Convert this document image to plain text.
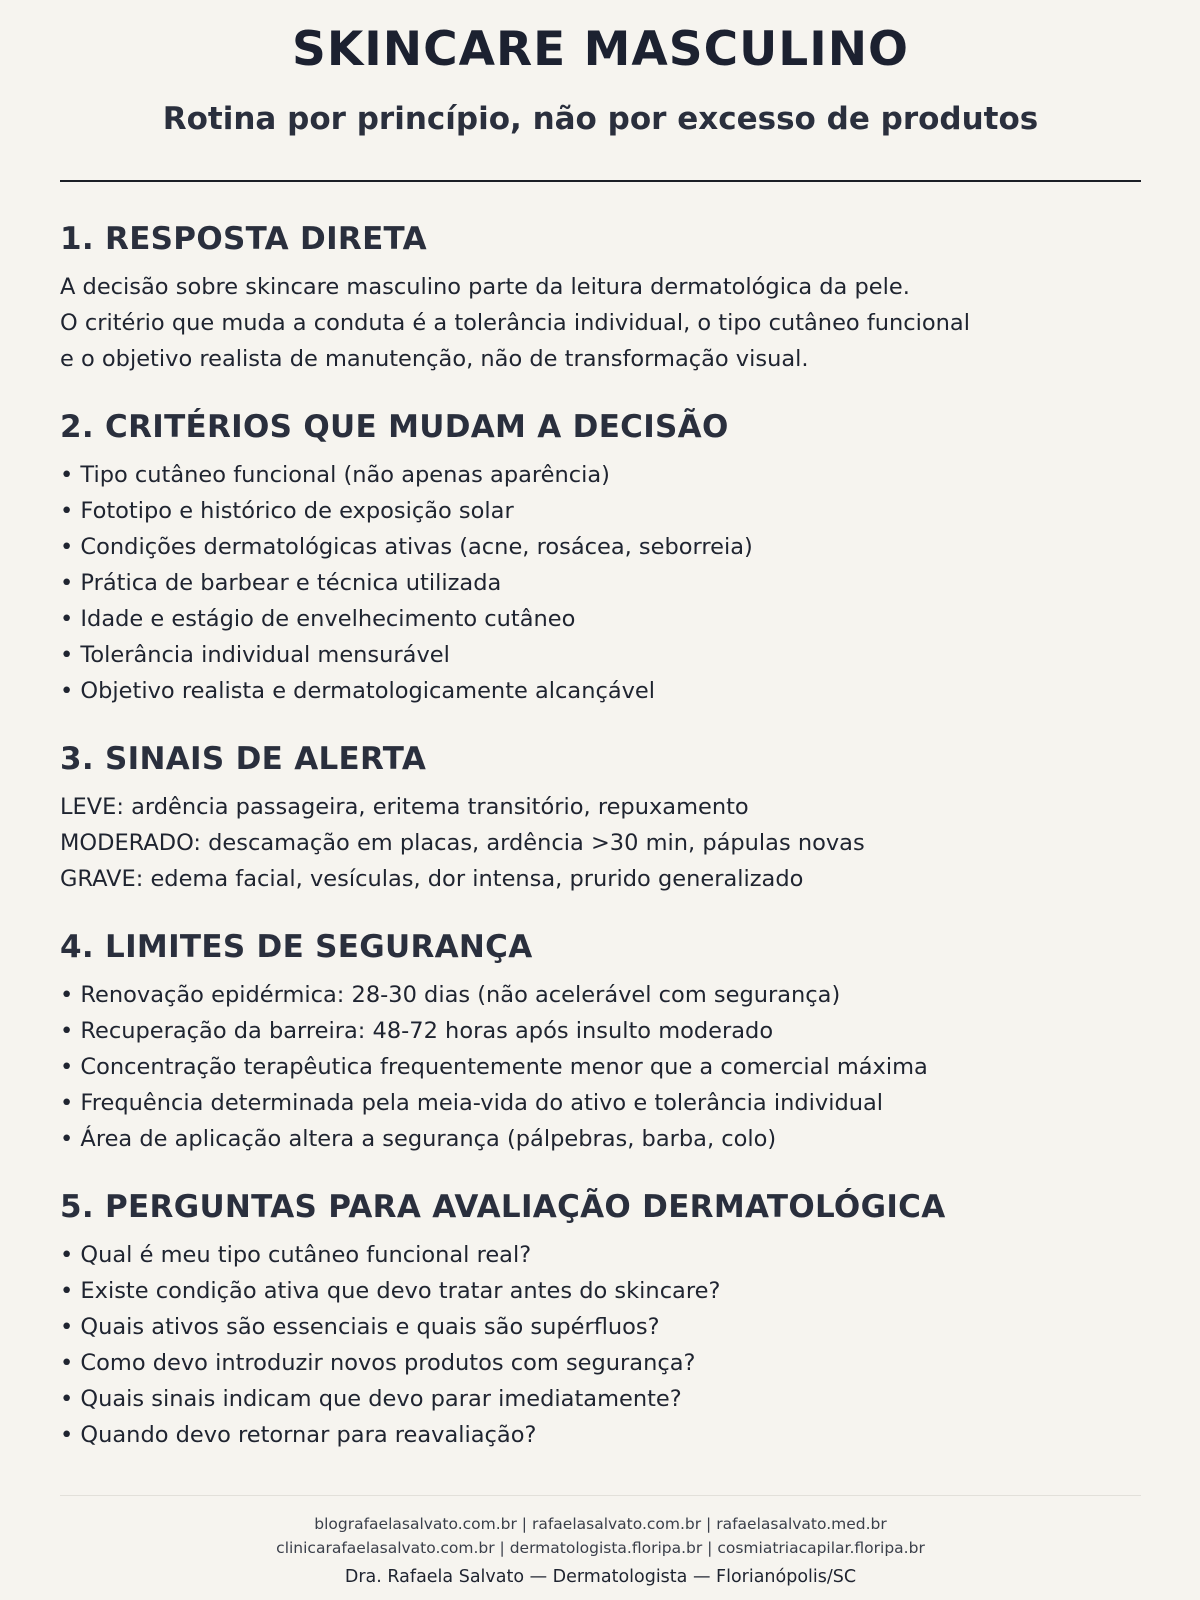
SKINCARE MASCULINO

Rotina por princípio, não por excesso de produtos

1. RESPOSTA DIRETA
A decisão sobre skincare masculino parte da leitura dermatológica da pele.
O critério que muda a conduta é a tolerância individual, o tipo cutâneo funcional
e o objetivo realista de manutenção, não de transformação visual.
2. CRITÉRIOS QUE MUDAM A DECISÃO
• Tipo cutâneo funcional (não apenas aparência)
• Fototipo e histórico de exposição solar
• Condições dermatológicas ativas (acne, rosácea, seborreia)
• Prática de barbear e técnica utilizada
• Idade e estágio de envelhecimento cutâneo
• Tolerância individual mensurável
• Objetivo realista e dermatologicamente alcançável
3. SINAIS DE ALERTA
LEVE: ardência passageira, eritema transitório, repuxamento
MODERADO: descamação em placas, ardência >30 min, pápulas novas
GRAVE: edema facial, vesículas, dor intensa, prurido generalizado
4. LIMITES DE SEGURANÇA
• Renovação epidérmica: 28-30 dias (não acelerável com segurança)
• Recuperação da barreira: 48-72 horas após insulto moderado
• Concentração terapêutica frequentemente menor que a comercial máxima
• Frequência determinada pela meia-vida do ativo e tolerância individual
• Área de aplicação altera a segurança (pálpebras, barba, colo)
5. PERGUNTAS PARA AVALIAÇÃO DERMATOLÓGICA
• Qual é meu tipo cutâneo funcional real?
• Existe condição ativa que devo tratar antes do skincare?
• Quais ativos são essenciais e quais são supérfluos?
• Como devo introduzir novos produtos com segurança?
• Quais sinais indicam que devo parar imediatamente?
• Quando devo retornar para reavaliação?
blografaelasalvato.com.br | rafaelasalvato.com.br | rafaelasalvato.med.br
clinicarafaelasalvato.com.br | dermatologista.floripa.br | cosmiatriacapilar.floripa.br
Dra. Rafaela Salvato — Dermatologista — Florianópolis/SC
